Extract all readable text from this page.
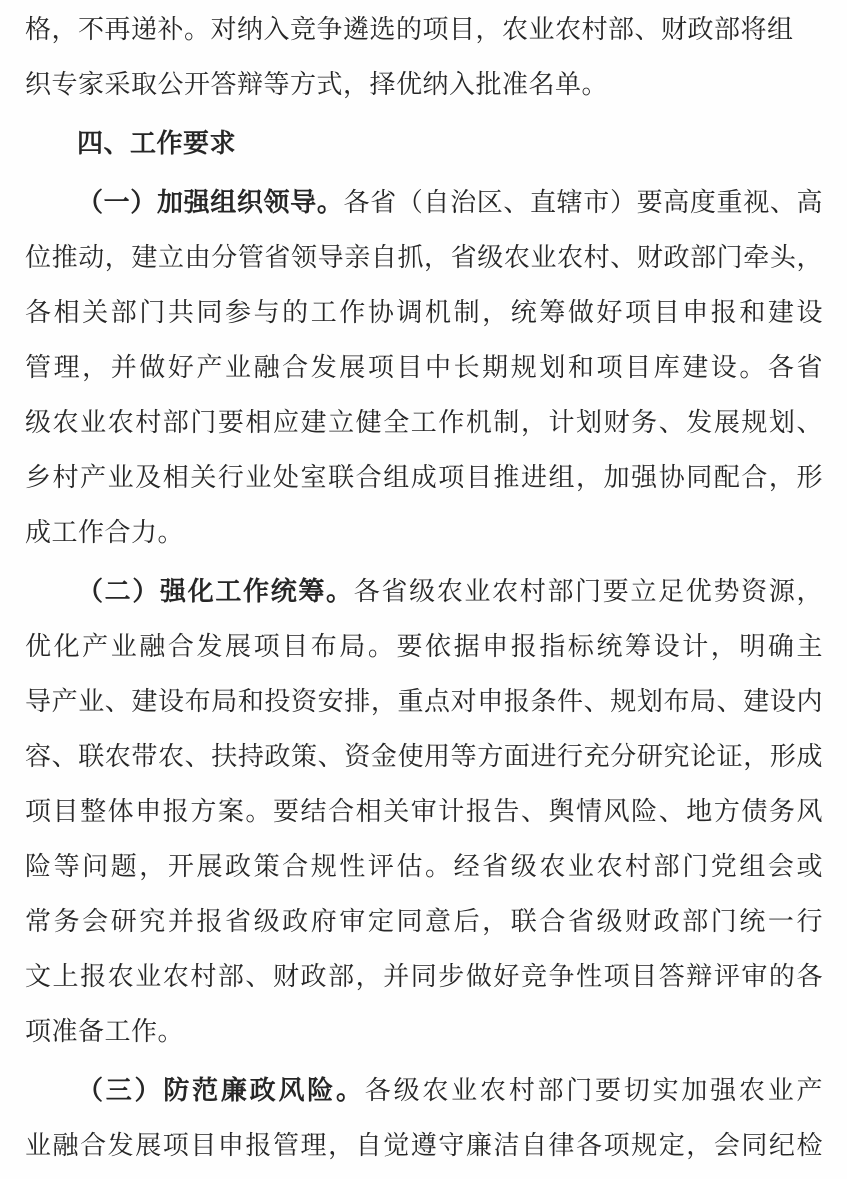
格，不再递补。对纳入竞争遴选的项目，农业农村部、财政部将组
织专家采取公开答辩等方式，择优纳入批准名单。
四、工作要求
（一）加强组织领导。各省（自治区、直辖市）要高度重视、高
位推动，建立由分管省领导亲自抓，省级农业农村、财政部门牵头，
各相关部门共同参与的工作协调机制，统筹做好项目申报和建设
管理，并做好产业融合发展项目中长期规划和项目库建设。各省
级农业农村部门要相应建立健全工作机制，计划财务、发展规划、
乡村产业及相关行业处室联合组成项目推进组，加强协同配合，形
成工作合力。
（二）强化工作统筹。各省级农业农村部门要立足优势资源，
优化产业融合发展项目布局。要依据申报指标统筹设计，明确主
导产业、建设布局和投资安排，重点对申报条件、规划布局、建设内
容、联农带农、扶持政策、资金使用等方面进行充分研究论证，形成
项目整体申报方案。要结合相关审计报告、舆情风险、地方债务风
险等问题，开展政策合规性评估。经省级农业农村部门党组会或
常务会研究并报省级政府审定同意后，联合省级财政部门统一行
文上报农业农村部、财政部，并同步做好竞争性项目答辩评审的各
项准备工作。
（三）防范廉政风险。各级农业农村部门要切实加强农业产
业融合发展项目申报管理，自觉遵守廉洁自律各项规定，会同纪检
